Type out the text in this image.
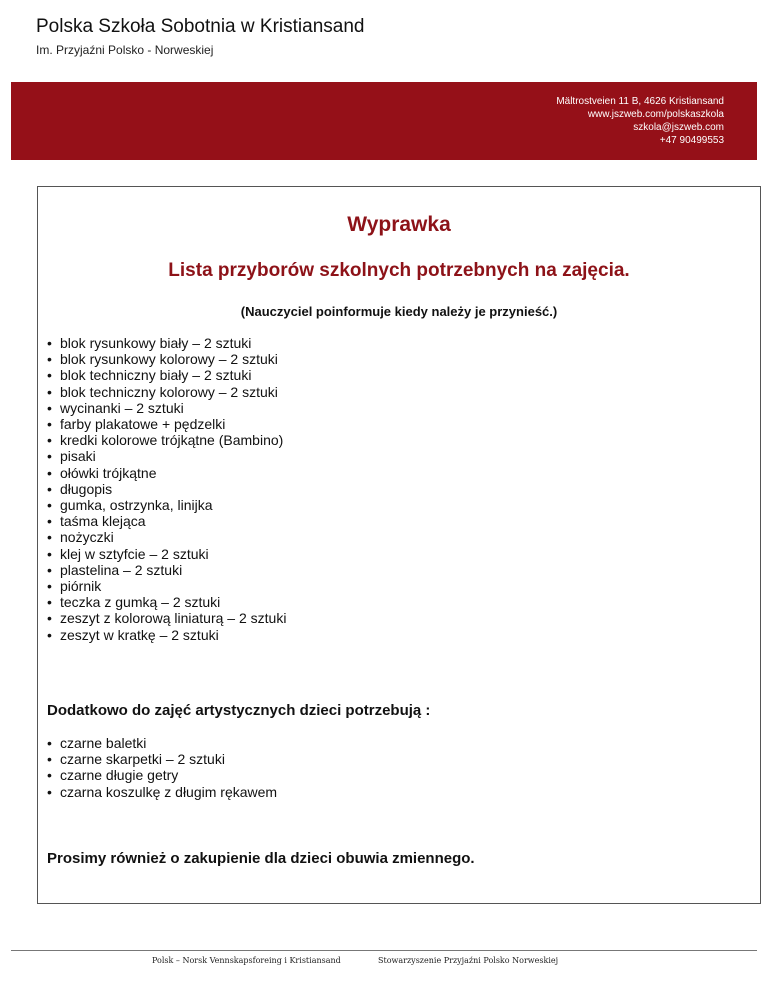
Polska Szkoła Sobotnia w Kristiansand
Im. Przyjaźni Polsko - Norweskiej
Mältrostveien 11 B, 4626 Kristiansand
www.jszweb.com/polskaszkola
szkola@jszweb.com
+47 90499553
Wyprawka
Lista przyborów szkolnych potrzebnych na zajęcia.
(Nauczyciel poinformuje kiedy należy je przynieść.)
• blok rysunkowy biały – 2 sztuki
• blok rysunkowy kolorowy – 2 sztuki
• blok techniczny biały – 2 sztuki
• blok techniczny kolorowy – 2 sztuki
• wycinanki – 2 sztuki
• farby plakatowe + pędzelki
• kredki kolorowe trójkątne (Bambino)
• pisaki
• ołówki trójkątne
• długopis
• gumka, ostrzynka, linijka
• taśma klejąca
• nożyczki
• klej w sztyfcie – 2 sztuki
• plastelina – 2 sztuki
• piórnik
• teczka z gumką – 2 sztuki
• zeszyt z kolorową liniaturą – 2 sztuki
• zeszyt w kratkę – 2 sztuki
Dodatkowo do zajęć artystycznych dzieci potrzebują :
• czarne baletki
• czarne skarpetki – 2 sztuki
• czarne długie getry
• czarna koszulkę z długim rękawem
Prosimy również o zakupienie dla dzieci obuwia zmiennego.
Polsk – Norsk Vennskapsforeing i Kristiansand	Stowarzyszenie Przyjaźni Polsko Norweskiej
